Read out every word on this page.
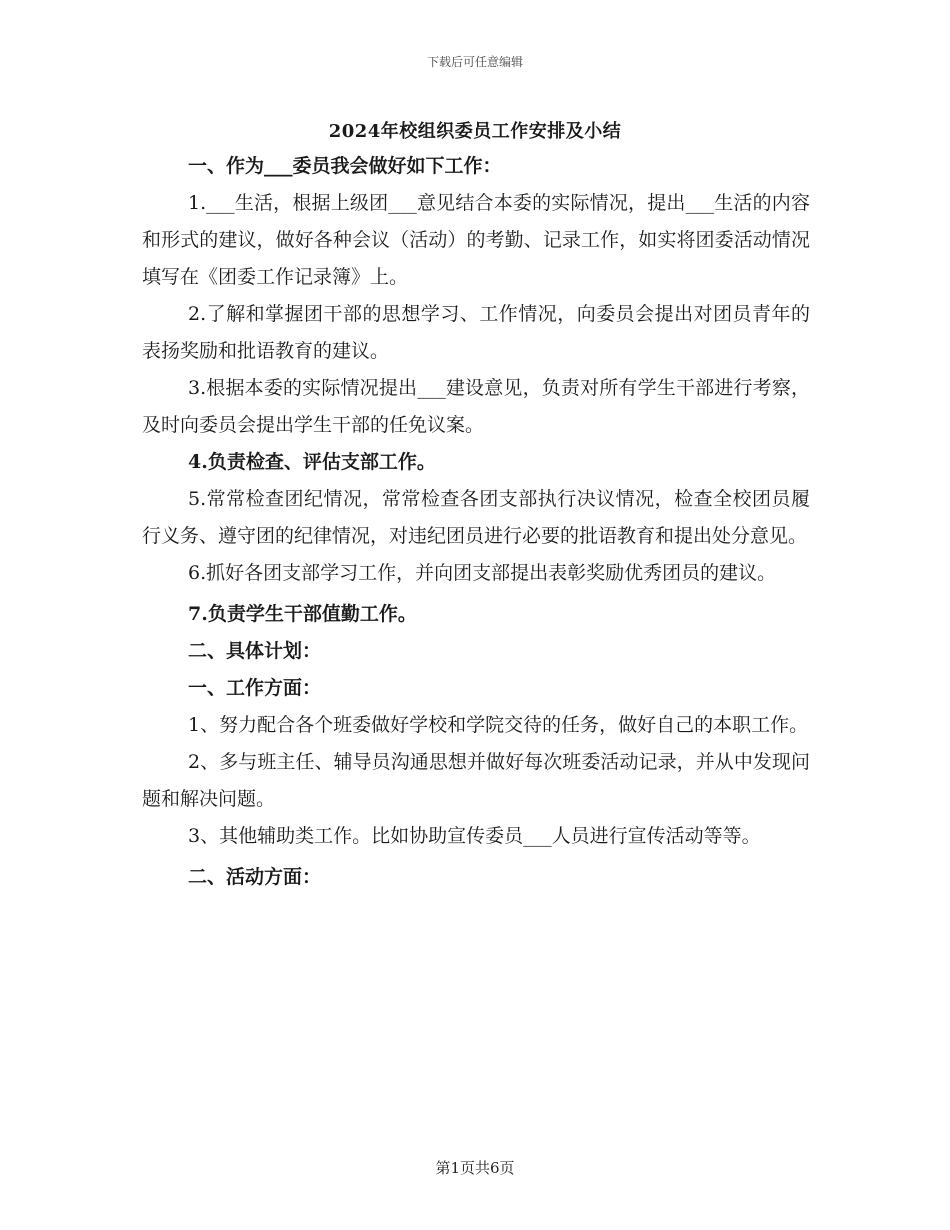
下载后可任意编辑
2024年校组织委员工作安排及小结

一、作为___委员我会做好如下工作：

1.___生活，根据上级团___意见结合本委的实际情况，提出___生活的内容和形式的建议，做好各种会议（活动）的考勤、记录工作，如实将团委活动情况填写在《团委工作记录簿》上。

2.了解和掌握团干部的思想学习、工作情况，向委员会提出对团员青年的表扬奖励和批语教育的建议。

3.根据本委的实际情况提出___建设意见，负责对所有学生干部进行考察，及时向委员会提出学生干部的任免议案。

4.负责检查、评估支部工作。

5.常常检查团纪情况，常常检查各团支部执行决议情况，检查全校团员履行义务、遵守团的纪律情况，对违纪团员进行必要的批语教育和提出处分意见。

6.抓好各团支部学习工作，并向团支部提出表彰奖励优秀团员的建议。

7.负责学生干部值勤工作。

二、具体计划：

一、工作方面：

1、努力配合各个班委做好学校和学院交待的任务，做好自己的本职工作。

2、多与班主任、辅导员沟通思想并做好每次班委活动记录，并从中发现问题和解决问题。

3、其他辅助类工作。比如协助宣传委员___人员进行宣传活动等等。

二、活动方面：

第1页共6页
